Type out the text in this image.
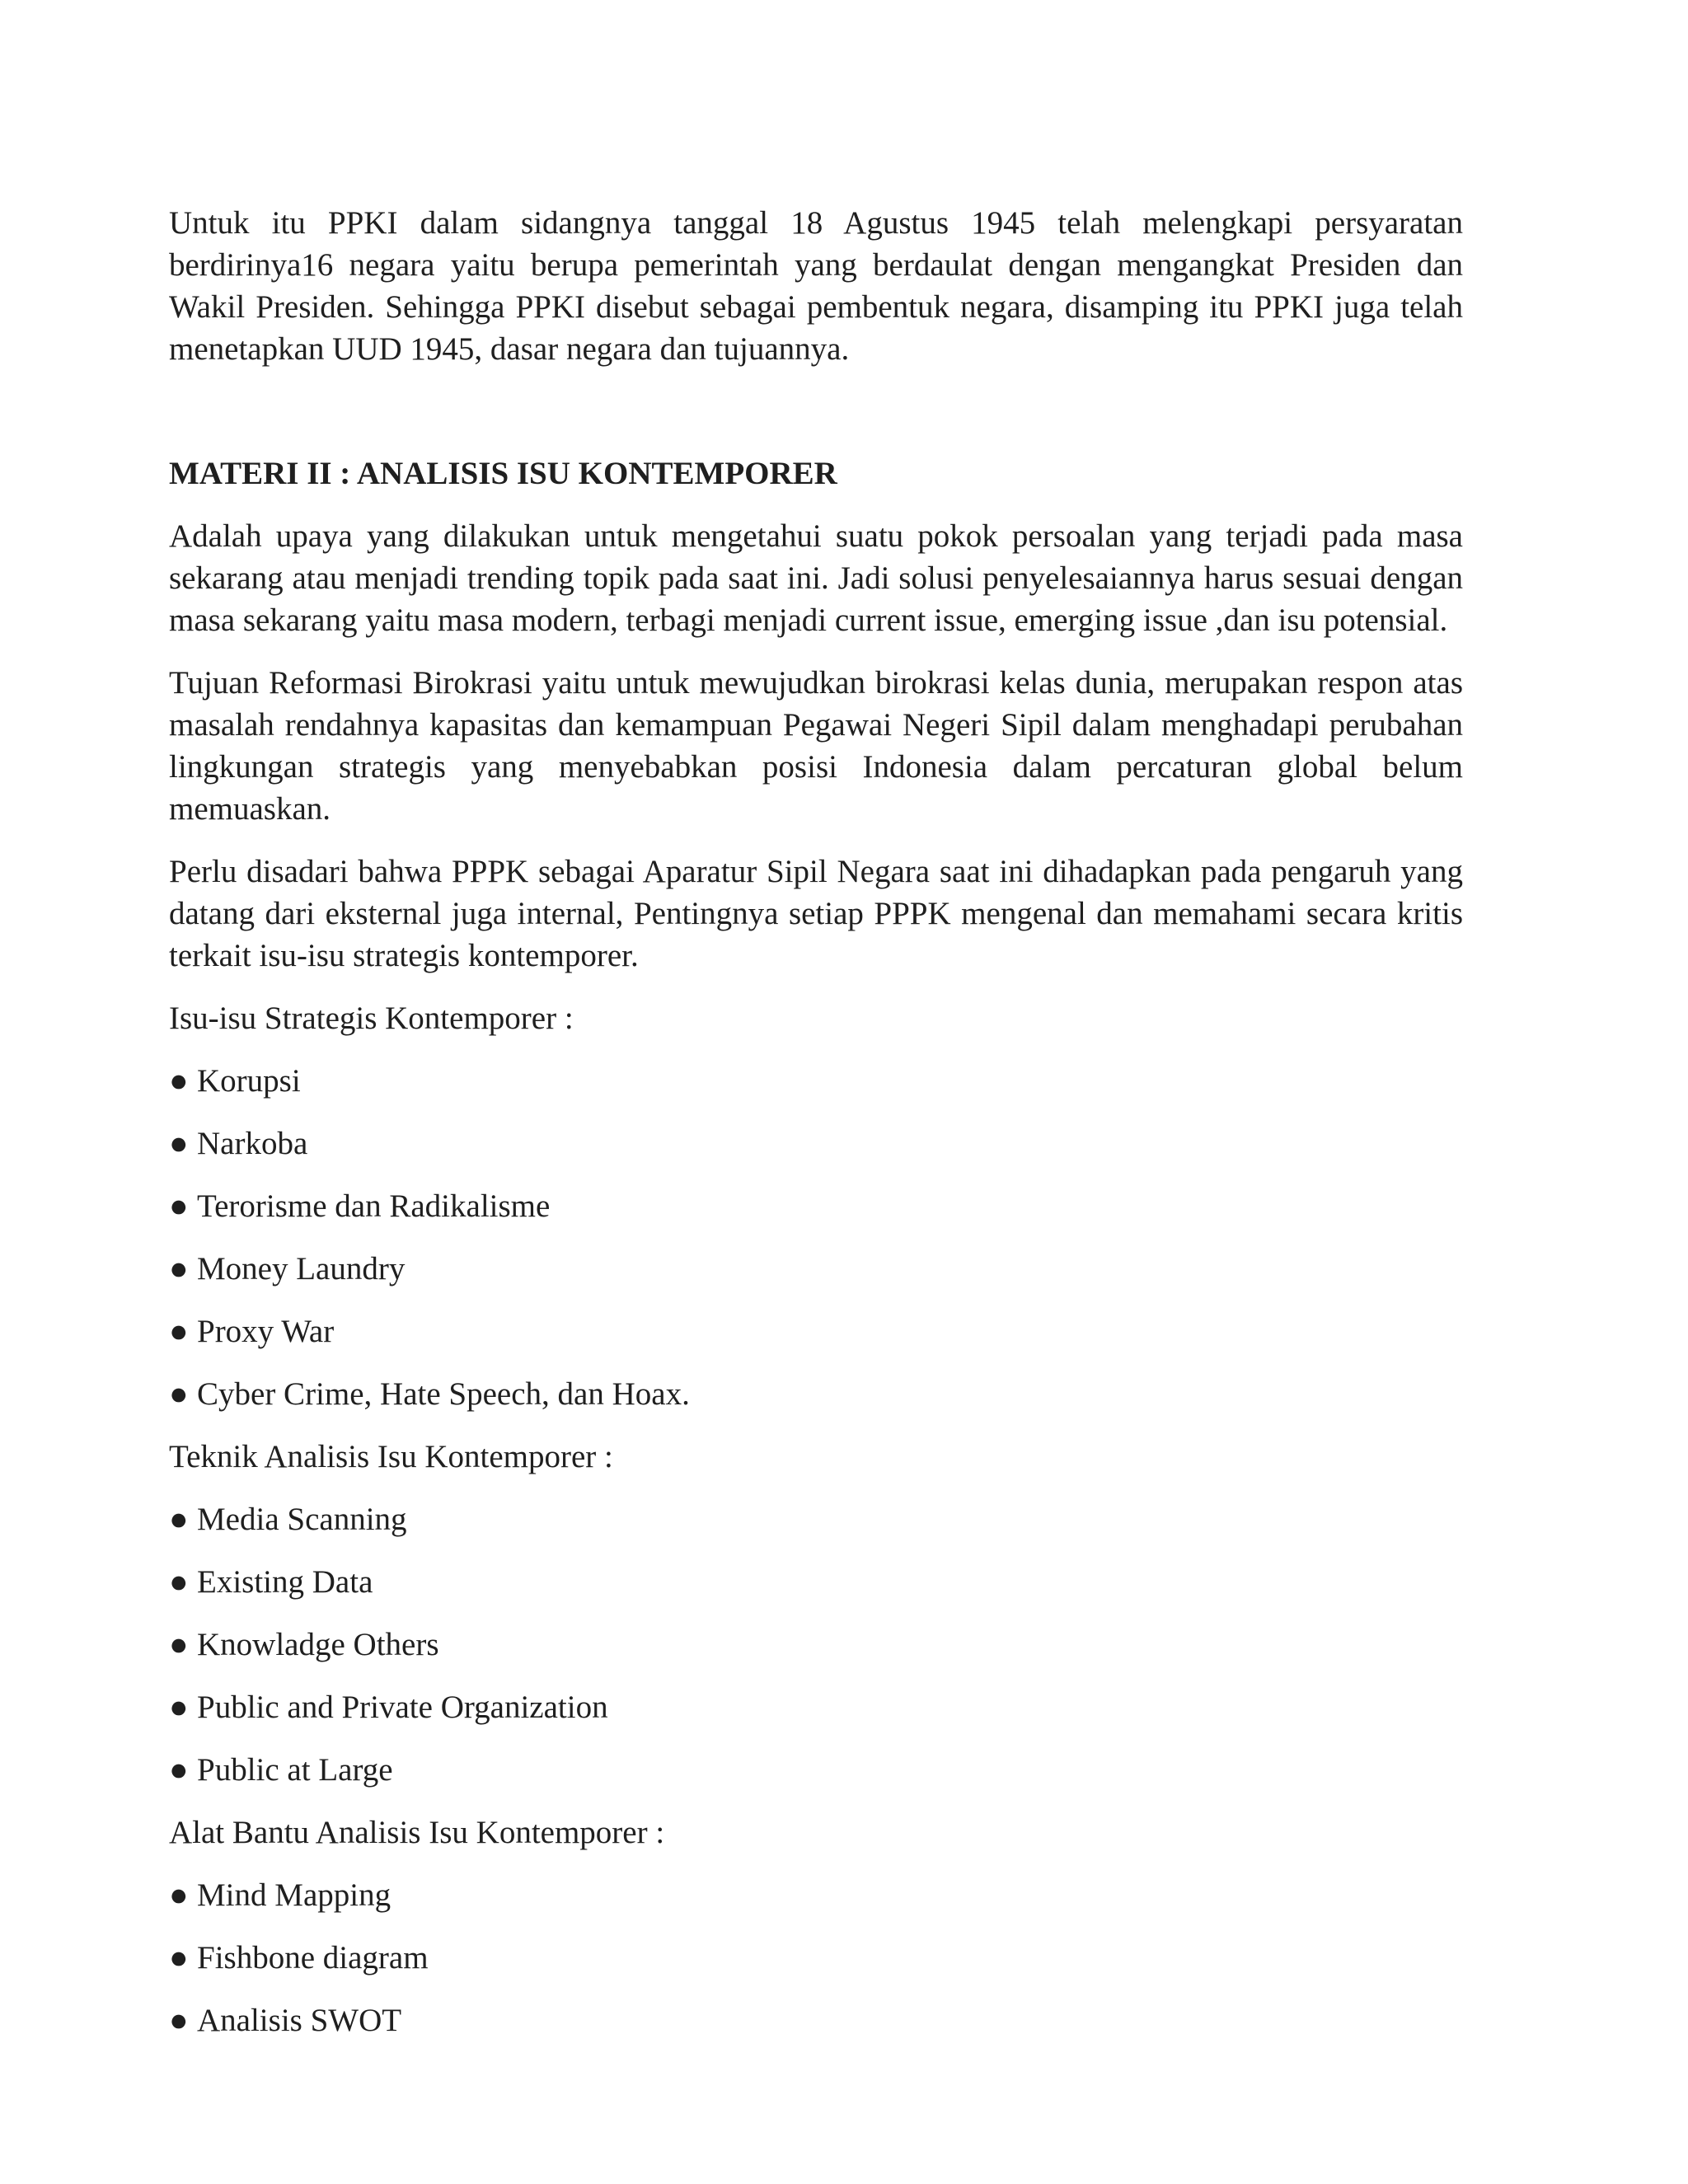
Untuk itu PPKI dalam sidangnya tanggal 18 Agustus 1945 telah melengkapi persyaratan berdirinya16 negara yaitu berupa pemerintah yang berdaulat dengan mengangkat Presiden dan Wakil Presiden. Sehingga PPKI disebut sebagai pembentuk negara, disamping itu PPKI juga telah menetapkan UUD 1945, dasar negara dan tujuannya.

MATERI II : ANALISIS ISU KONTEMPORER

Adalah upaya yang dilakukan untuk mengetahui suatu pokok persoalan yang terjadi pada masa sekarang atau menjadi trending topik pada saat ini. Jadi solusi penyelesaiannya harus sesuai dengan masa sekarang yaitu masa modern, terbagi menjadi current issue, emerging issue ,dan isu potensial.

Tujuan Reformasi Birokrasi yaitu untuk mewujudkan birokrasi kelas dunia, merupakan respon atas masalah rendahnya kapasitas dan kemampuan Pegawai Negeri Sipil dalam menghadapi perubahan lingkungan strategis yang menyebabkan posisi Indonesia dalam percaturan global belum memuaskan.

Perlu disadari bahwa PPPK sebagai Aparatur Sipil Negara saat ini dihadapkan pada pengaruh yang datang dari eksternal juga internal, Pentingnya setiap PPPK mengenal dan memahami secara kritis terkait isu-isu strategis kontemporer.

Isu-isu Strategis Kontemporer :

● Korupsi

● Narkoba

● Terorisme dan Radikalisme

● Money Laundry

● Proxy War

● Cyber Crime, Hate Speech, dan Hoax.

Teknik Analisis Isu Kontemporer :

● Media Scanning

● Existing Data

● Knowladge Others

● Public and Private Organization

● Public at Large

Alat Bantu Analisis Isu Kontemporer :

● Mind Mapping

● Fishbone diagram

● Analisis SWOT
